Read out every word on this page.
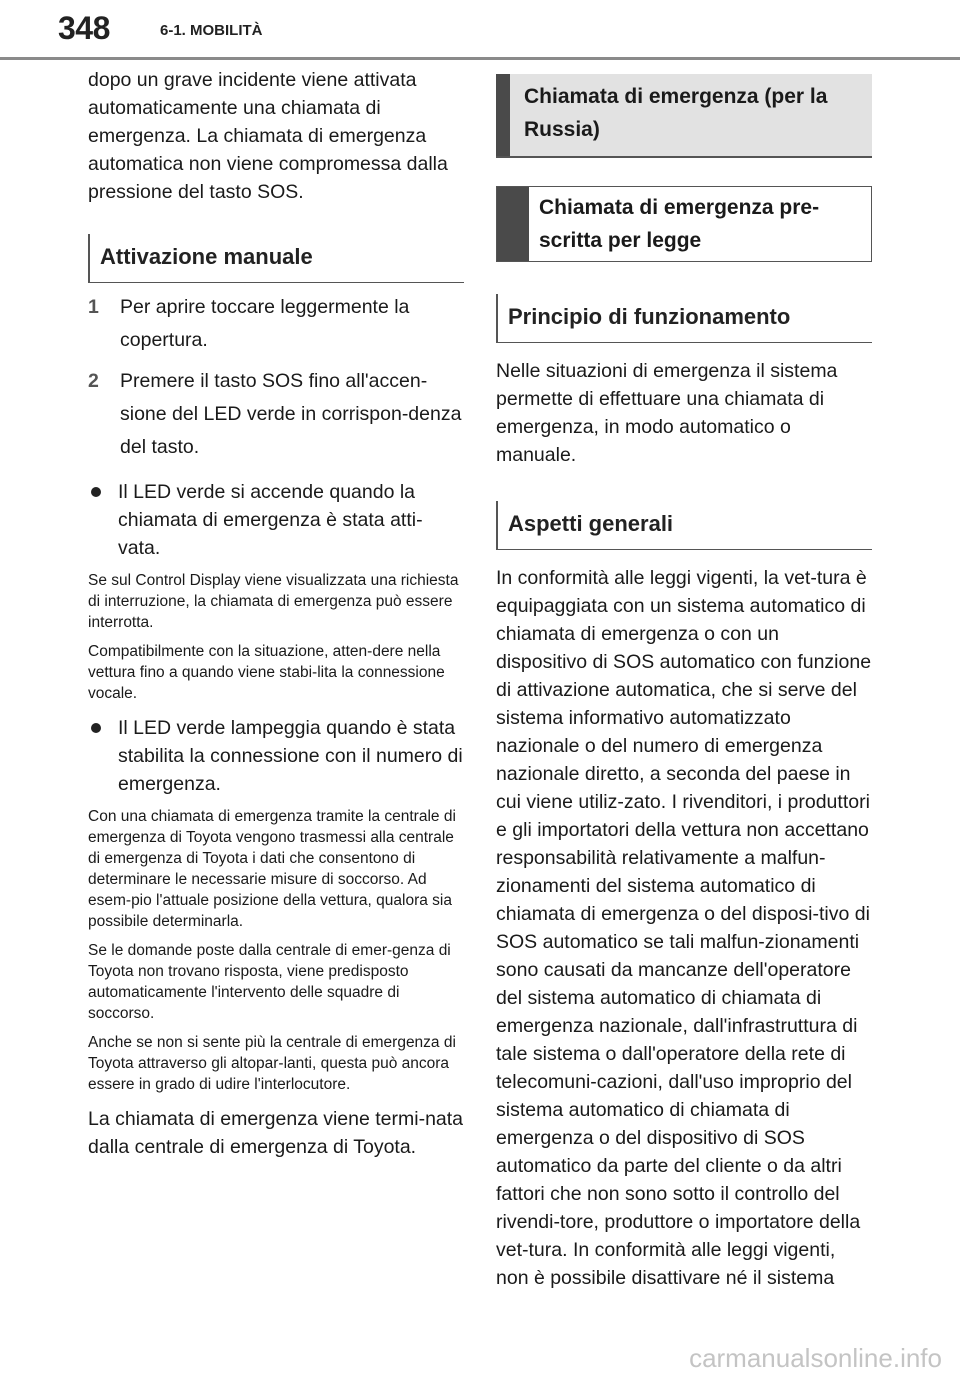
348	6-1. MOBILITÀ

dopo un grave incidente viene attivata automaticamente una chiamata di emergenza. La chiamata di emergenza automatica non viene compromessa dalla pressione del tasto SOS.

Attivazione manuale
1	Per aprire toccare leggermente la copertura.
2	Premere il tasto SOS fino all'accen-sione del LED verde in corrispon-denza del tasto.
Il LED verde si accende quando la chiamata di emergenza è stata atti-vata.

Se sul Control Display viene visualizzata una richiesta di interruzione, la chiamata di emergenza può essere interrotta.

Compatibilmente con la situazione, atten-dere nella vettura fino a quando viene stabi-lita la connessione vocale.

Il LED verde lampeggia quando è stata stabilita la connessione con il numero di emergenza.

Con una chiamata di emergenza tramite la centrale di emergenza di Toyota vengono trasmessi alla centrale di emergenza di Toyota i dati che consentono di determinare le necessarie misure di soccorso. Ad esem-pio l'attuale posizione della vettura, qualora sia possibile determinarla.

Se le domande poste dalla centrale di emer-genza di Toyota non trovano risposta, viene predisposto automaticamente l'intervento delle squadre di soccorso.

Anche se non si sente più la centrale di emergenza di Toyota attraverso gli altopar-lanti, questa può ancora essere in grado di udire l'interlocutore.

La chiamata di emergenza viene termi-nata dalla centrale di emergenza di Toyota.

Chiamata di emergenza (per la Russia)
Chiamata di emergenza pre-scritta per legge
Principio di funzionamento

Nelle situazioni di emergenza il sistema permette di effettuare una chiamata di emergenza, in modo automatico o manuale.

Aspetti generali

In conformità alle leggi vigenti, la vet-tura è equipaggiata con un sistema automatico di chiamata di emergenza o con un dispositivo di SOS automatico con funzione di attivazione automatica, che si serve del sistema informativo automatizzato nazionale o del numero di emergenza nazionale diretto, a seconda del paese in cui viene utiliz-zato. I rivenditori, i produttori e gli importatori della vettura non accettano responsabilità relativamente a malfun-zionamenti del sistema automatico di chiamata di emergenza o del disposi-tivo di SOS automatico se tali malfun-zionamenti sono causati da mancanze dell'operatore del sistema automatico di chiamata di emergenza nazionale, dall'infrastruttura di tale sistema o dall'operatore della rete di telecomuni-cazioni, dall'uso improprio del sistema automatico di chiamata di emergenza o del dispositivo di SOS automatico da parte del cliente o da altri fattori che non sono sotto il controllo del rivendi-tore, produttore o importatore della vet-tura. In conformità alle leggi vigenti, non è possibile disattivare né il sistema

carmanualsonline.info
